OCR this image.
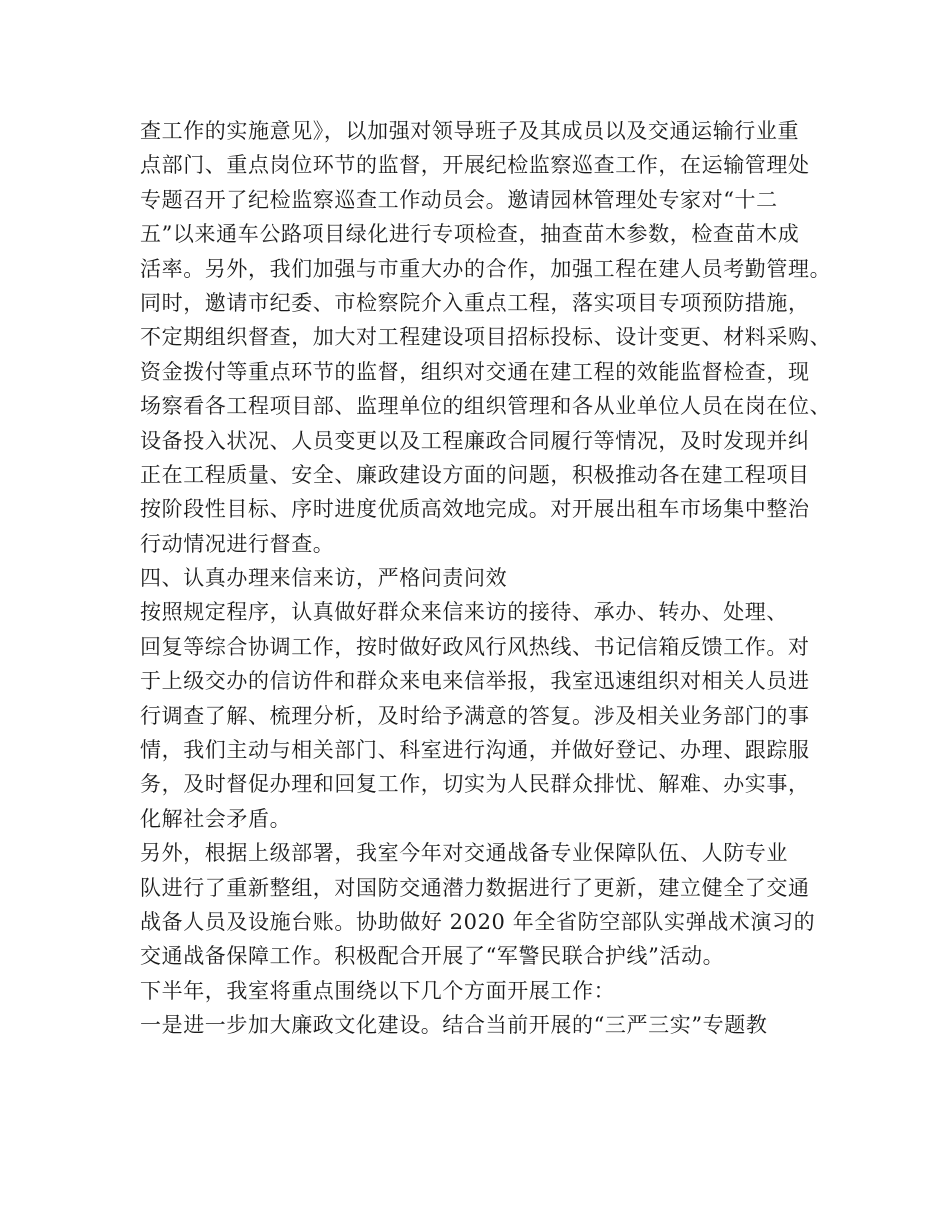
查工作的实施意见》，以加强对领导班子及其成员以及交通运输行业重
点部门、重点岗位环节的监督，开展纪检监察巡查工作，在运输管理处
专题召开了纪检监察巡查工作动员会。邀请园林管理处专家对“十二
五”以来通车公路项目绿化进行专项检查，抽查苗木参数，检查苗木成
活率。另外，我们加强与市重大办的合作，加强工程在建人员考勤管理。
同时，邀请市纪委、市检察院介入重点工程，落实项目专项预防措施，
不定期组织督查，加大对工程建设项目招标投标、设计变更、材料采购、
资金拨付等重点环节的监督，组织对交通在建工程的效能监督检查，现
场察看各工程项目部、监理单位的组织管理和各从业单位人员在岗在位、
设备投入状况、人员变更以及工程廉政合同履行等情况，及时发现并纠
正在工程质量、安全、廉政建设方面的问题，积极推动各在建工程项目
按阶段性目标、序时进度优质高效地完成。对开展出租车市场集中整治
行动情况进行督查。
四、认真办理来信来访，严格问责问效
按照规定程序，认真做好群众来信来访的接待、承办、转办、处理、
回复等综合协调工作，按时做好政风行风热线、书记信箱反馈工作。对
于上级交办的信访件和群众来电来信举报，我室迅速组织对相关人员进
行调查了解、梳理分析，及时给予满意的答复。涉及相关业务部门的事
情，我们主动与相关部门、科室进行沟通，并做好登记、办理、跟踪服
务，及时督促办理和回复工作，切实为人民群众排忧、解难、办实事，
化解社会矛盾。
另外，根据上级部署，我室今年对交通战备专业保障队伍、人防专业
队进行了重新整组，对国防交通潜力数据进行了更新，建立健全了交通
战备人员及设施台账。协助做好 2020 年全省防空部队实弹战术演习的
交通战备保障工作。积极配合开展了“军警民联合护线”活动。
下半年，我室将重点围绕以下几个方面开展工作：
一是进一步加大廉政文化建设。结合当前开展的“三严三实”专题教
